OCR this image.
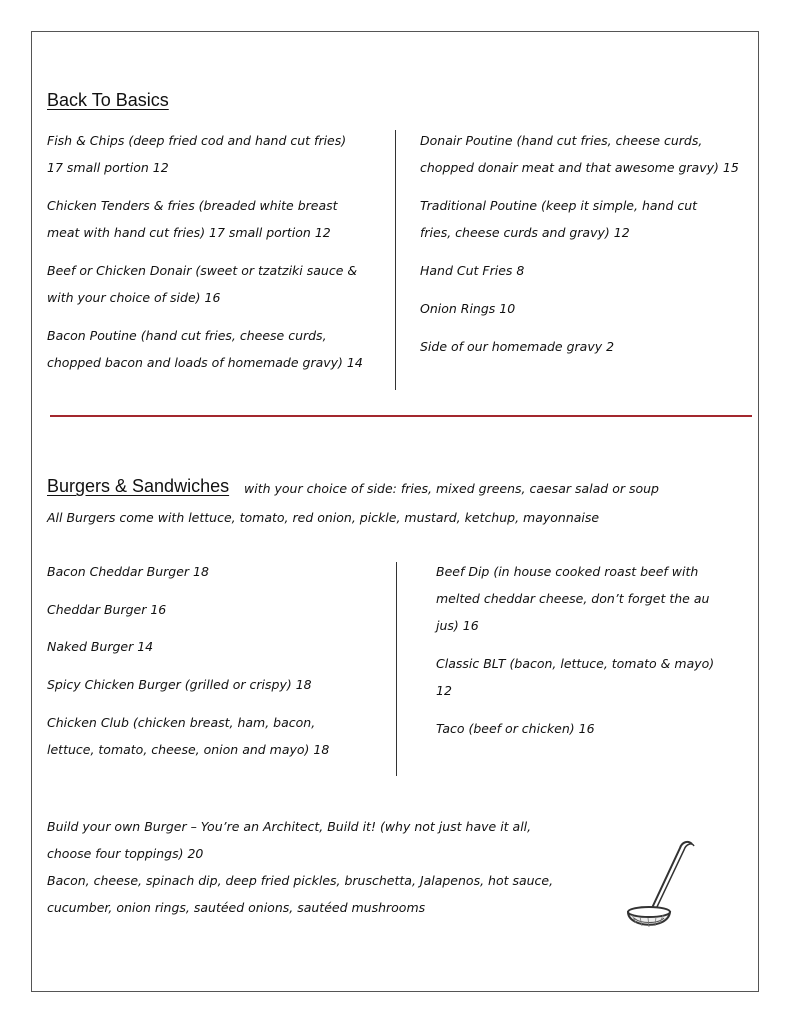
Back To Basics
Fish & Chips (deep fried cod and hand cut fries)
17 small portion 12
Chicken Tenders & fries (breaded white breast
meat with hand cut fries) 17 small portion 12
Beef or Chicken Donair (sweet or tzatziki sauce &
with your choice of side) 16
Bacon Poutine (hand cut fries, cheese curds,
chopped bacon and loads of homemade gravy) 14
Donair Poutine (hand cut fries, cheese curds,
chopped donair meat and that awesome gravy) 15
Traditional Poutine (keep it simple, hand cut
fries, cheese curds and gravy) 12
Hand Cut Fries 8
Onion Rings 10
Side of our homemade gravy 2
Burgers & Sandwiches with your choice of side: fries, mixed greens, caesar salad or soup
All Burgers come with lettuce, tomato, red onion, pickle, mustard, ketchup, mayonnaise
Bacon Cheddar Burger 18
Cheddar Burger 16
Naked Burger 14
Spicy Chicken Burger (grilled or crispy) 18
Chicken Club (chicken breast, ham, bacon,
lettuce, tomato, cheese, onion and mayo) 18
Beef Dip (in house cooked roast beef with
melted cheddar cheese, don’t forget the au
jus) 16
Classic BLT (bacon, lettuce, tomato & mayo)
12
Taco (beef or chicken) 16
Build your own Burger – You’re an Architect, Build it! (why not just have it all,
choose four toppings) 20
Bacon, cheese, spinach dip, deep fried pickles, bruschetta, Jalapenos, hot sauce,
cucumber, onion rings, sautéed onions, sautéed mushrooms
